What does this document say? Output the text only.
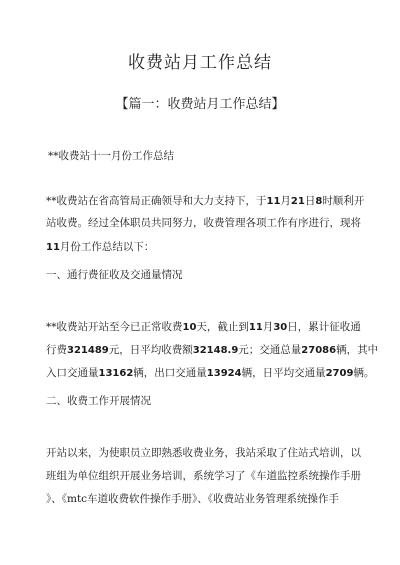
收费站月工作总结
【篇一：收费站月工作总结】
**收费站十一月份工作总结
**收费站在省高管局正确领导和大力支持下，于11月21日8时顺利开
站收费。经过全体职员共同努力，收费管理各项工作有序进行，现将
11月份工作总结以下：
一、通行费征收及交通量情况
**收费站开站至今已正常收费10天，截止到11月30日，累计征收通
行费321489元，日平均收费额32148.9元；交通总量27086辆，其中
入口交通量13162辆，出口交通量13924辆，日平均交通量2709辆。
二、收费工作开展情况
开站以来，为使职员立即熟悉收费业务，我站采取了住站式培训，以
班组为单位组织开展业务培训，系统学习了《车道监控系统操作手册
》、《mtc车道收费软件操作手册》、《收费站业务管理系统操作手
